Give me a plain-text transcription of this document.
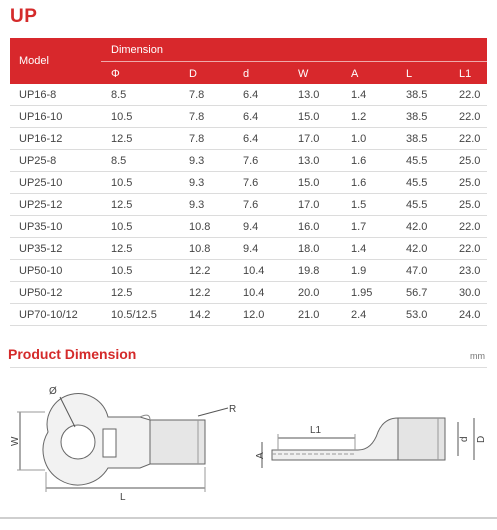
UP
Model
Dimension
Φ	D	d	W	A	L	L1
UP16-8	8.5	7.8	6.4	13.0	1.4	38.5	22.0
UP16-10	10.5	7.8	6.4	15.0	1.2	38.5	22.0
UP16-12	12.5	7.8	6.4	17.0	1.0	38.5	22.0
UP25-8	8.5	9.3	7.6	13.0	1.6	45.5	25.0
UP25-10	10.5	9.3	7.6	15.0	1.6	45.5	25.0
UP25-12	12.5	9.3	7.6	17.0	1.5	45.5	25.0
UP35-10	10.5	10.8	9.4	16.0	1.7	42.0	22.0
UP35-12	12.5	10.8	9.4	18.0	1.4	42.0	22.0
UP50-10	10.5	12.2	10.4	19.8	1.9	47.0	23.0
UP50-12	12.5	12.2	10.4	20.0	1.95	56.7	30.0
UP70-10/12	10.5/12.5	14.2	12.0	21.0	2.4	53.0	24.0
Product Dimension	mm
Ø
W
L
R
L1
A
d D
